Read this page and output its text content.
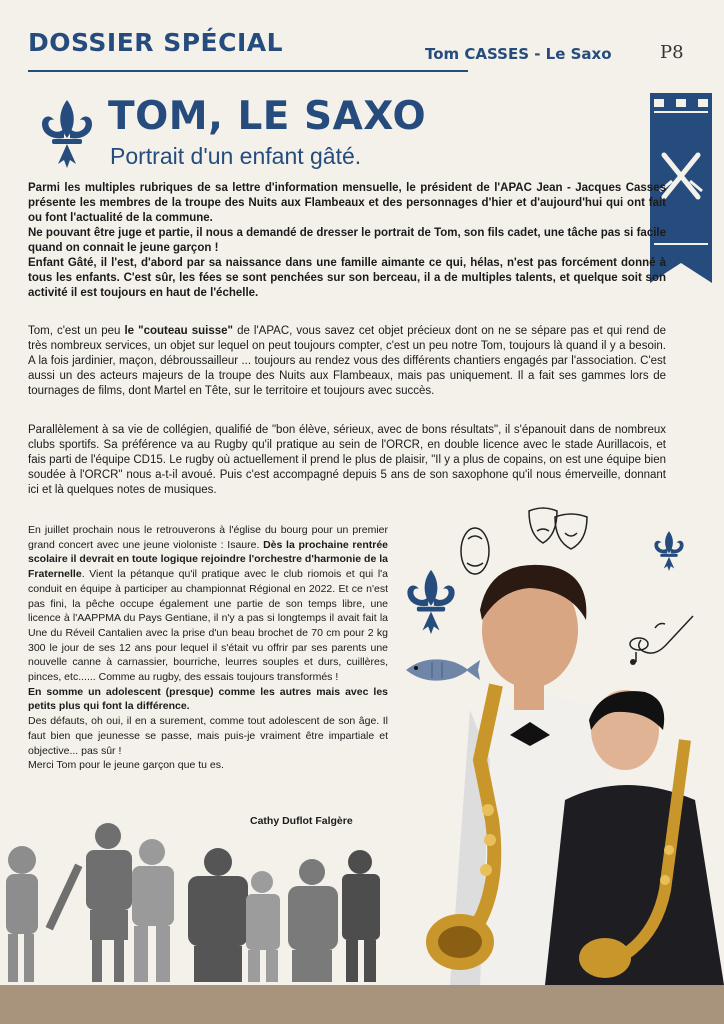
DOSSIER SPÉCIAL	Tom CASSES - Le Saxo	P8
TOM, LE SAXO
Portrait d'un enfant gâté.

Parmi les multiples rubriques de sa lettre d'information mensuelle, le président de l'APAC Jean - Jacques Casses présente les membres de la troupe des Nuits aux Flambeaux et des personnages d'hier et d'aujourd'hui qui ont fait ou font l'actualité de la commune.

Ne pouvant être juge et partie, il nous a demandé de dresser le portrait de Tom, son fils cadet, une tâche pas si facile quand on connait le jeune garçon !

Enfant Gâté, il l'est, d'abord par sa naissance dans une famille aimante ce qui, hélas, n'est pas forcément donné à tous les enfants. C'est sûr, les fées se sont penchées sur son berceau, il a de multiples talents, et quelque soit son activité il est toujours en haut de l'échelle.

Tom, c'est un peu le "couteau suisse" de l'APAC, vous savez cet objet précieux dont on ne se sépare pas et qui rend de très nombreux services, un objet sur lequel on peut toujours compter, c'est un peu notre Tom, toujours là quand il y a besoin. A la fois jardinier, maçon, débroussailleur ... toujours au rendez vous des différents chantiers engagés par l'association. C'est aussi un des acteurs majeurs de la troupe des Nuits aux Flambeaux, mais pas uniquement. Il a fait ses gammes lors de tournages de films, dont Martel en Tête, sur le territoire et toujours avec succès.

Parallèlement à sa vie de collégien, qualifié de "bon élève, sérieux, avec de bons résultats", il s'épanouit dans de nombreux clubs sportifs. Sa préférence va au Rugby qu'il pratique au sein de l'ORCR, en double licence avec le stade Aurillacois, et fais parti de l'équipe CD15. Le rugby où actuellement il prend le plus de plaisir, "Il y a plus de copains, on est une équipe bien soudée à l'ORCR" nous a-t-il avoué. Puis c'est accompagné depuis 5 ans de son saxophone qu'il nous émerveille, donnant ici et là quelques notes de musiques.

En juillet prochain nous le retrouverons à l'église du bourg pour un premier grand concert avec une jeune violoniste : Isaure. Dès la prochaine rentrée scolaire il devrait en toute logique rejoindre l'orchestre d'harmonie de la Fraternelle. Vient la pétanque qu'il pratique avec le club riomois et qui l'a conduit en équipe à participer au championnat Régional en 2022. Et ce n'est pas fini, la pêche occupe également une partie de son temps libre, une licence à l'AAPPMA du Pays Gentiane, il n'y a pas si longtemps il avait fait la Une du Réveil Cantalien avec la prise d'un beau brochet de 70 cm pour 2 kg 300 le jour de ses 12 ans pour lequel il s'était vu offrir par ses parents une nouvelle canne à carnassier, bourriche, leurres souples et durs, cuillères, pinces, etc...... Comme au rugby, des essais toujours transformés !

En somme un adolescent (presque) comme les autres mais avec les petits plus qui font la différence.

Des défauts, oh oui, il en a surement, comme tout adolescent de son âge. Il faut bien que jeunesse se passe, mais puis-je vraiment être impartiale et objective... pas sûr !

Merci Tom pour le jeune garçon que tu es.

Cathy Duflot Falgère
